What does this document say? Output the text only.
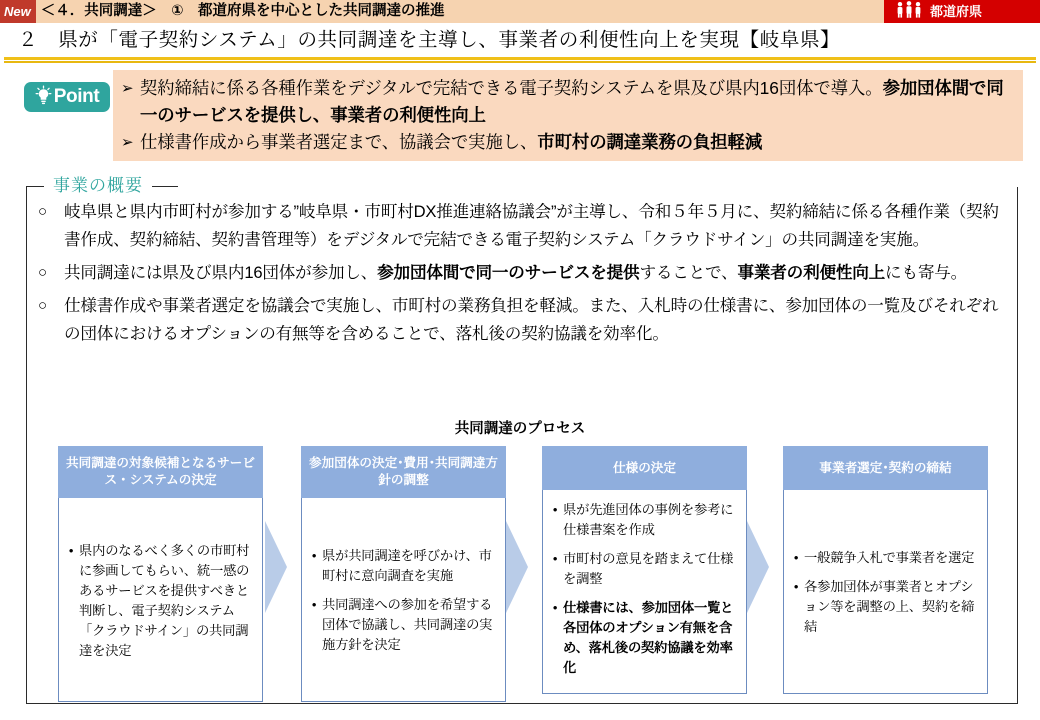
New ＜４．共同調達＞　①　都道府県を中心とした共同調達の推進	都道府県
２　県が「電子契約システム」の共同調達を主導し、事業者の利便性向上を実現【岐阜県】
➢ 契約締結に係る各種作業をデジタルで完結できる電子契約システムを県及び県内16団体で導入。参加団体間で同一のサービスを提供し、事業者の利便性向上
➢ 仕様書作成から事業者選定まで、協議会で実施し、市町村の調達業務の負担軽減
Point
事業の概要
○	岐阜県と県内市町村が参加する”岐阜県・市町村DX推進連絡協議会”が主導し、令和５年５月に、契約締結に係る各種作業（契約書作成、契約締結、契約書管理等）をデジタルで完結できる電子契約システム「クラウドサイン」の共同調達を実施。
○	共同調達には県及び県内16団体が参加し、参加団体間で同一のサービスを提供することで、事業者の利便性向上にも寄与。
○	仕様書作成や事業者選定を協議会で実施し、市町村の業務負担を軽減。また、入札時の仕様書に、参加団体の一覧及びそれぞれの団体におけるオプションの有無等を含めることで、落札後の契約協議を効率化。
共同調達のプロセス
共同調達の対象候補となるサービス・システムの決定
• 県内のなるべく多くの市町村に参画してもらい、統一感のあるサービスを提供すべきと判断し、電子契約システム「クラウドサイン」の共同調達を決定
参加団体の決定･費用･共同調達方針の調整
• 県が共同調達を呼びかけ、市町村に意向調査を実施
• 共同調達への参加を希望する団体で協議し、共同調達の実施方針を決定
仕様の決定
• 県が先進団体の事例を参考に仕様書案を作成
• 市町村の意見を踏まえて仕様を調整
• 仕様書には、参加団体一覧と各団体のオプション有無を含め、落札後の契約協議を効率化
事業者選定･契約の締結
• 一般競争入札で事業者を選定
• 各参加団体が事業者とオプション等を調整の上、契約を締結
